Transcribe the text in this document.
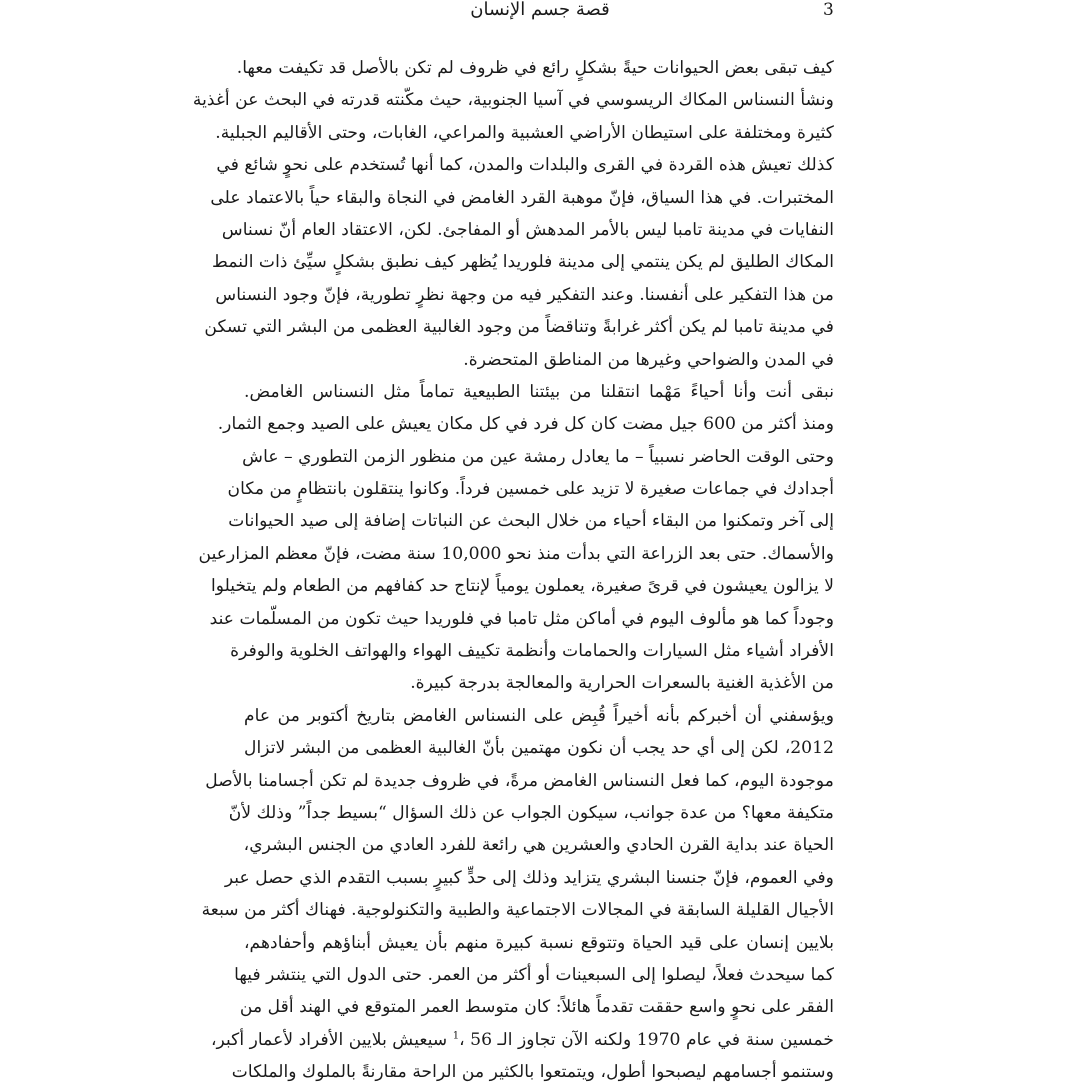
3
قصة جسم الإنسان
كيف تبقى بعض الحيوانات حيةً بشكلٍ رائع في ظروف لم تكن بالأصل قد تكيفت معها.
ونشأ النسناس المكاك الريسوسي في آسيا الجنوبية، حيث مكّنته قدرته في البحث عن أغذية
كثيرة ومختلفة على استيطان الأراضي العشبية والمراعي، الغابات، وحتى الأقاليم الجبلية.
كذلك تعيش هذه القردة في القرى والبلدات والمدن، كما أنها تُستخدم على نحوٍ شائع في
المختبرات. في هذا السياق، فإنّ موهبة القرد الغامض في النجاة والبقاء حياً بالاعتماد على
النفايات في مدينة تامبا ليس بالأمر المدهش أو المفاجئ. لكن، الاعتقاد العام أنّ نسناس
المكاك الطليق لم يكن ينتمي إلى مدينة فلوريدا يُظهر كيف نطبق بشكلٍ سيِّئ ذات النمط
من هذا التفكير على أنفسنا. وعند التفكير فيه من وجهة نظرٍ تطورية، فإنّ وجود النسناس
في مدينة تامبا لم يكن أكثر غرابةً وتناقضاً من وجود الغالبية العظمى من البشر التي تسكن
في المدن والضواحي وغيرها من المناطق المتحضرة.
نبقى أنت وأنا أحياءً مَهْما انتقلنا من بيئتنا الطبيعية تماماً مثل النسناس الغامض.
ومنذ أكثر من 600 جيل مضت كان كل فرد في كل مكان يعيش على الصيد وجمع الثمار.
وحتى الوقت الحاضر نسبياً – ما يعادل رمشة عين من منظور الزمن التطوري – عاش
أجدادك في جماعات صغيرة لا تزيد على خمسين فرداً. وكانوا ينتقلون بانتظامٍ من مكان
إلى آخر وتمكنوا من البقاء أحياء من خلال البحث عن النباتات إضافة إلى صيد الحيوانات
والأسماك. حتى بعد الزراعة التي بدأت منذ نحو 10,000 سنة مضت، فإنّ معظم المزارعين
لا يزالون يعيشون في قرىً صغيرة، يعملون يومياً لإنتاج حد كفافهم من الطعام ولم يتخيلوا
وجوداً كما هو مألوف اليوم في أماكن مثل تامبا في فلوريدا حيث تكون من المسلّمات عند
الأفراد أشياء مثل السيارات والحمامات وأنظمة تكييف الهواء والهواتف الخلوية والوفرة
من الأغذية الغنية بالسعرات الحرارية والمعالجة بدرجة كبيرة.
ويؤسفني أن أخبركم بأنه أخيراً قُبِض على النسناس الغامض بتاريخ أكتوبر من عام
2012، لكن إلى أي حد يجب أن نكون مهتمين بأنّ الغالبية العظمى من البشر لاتزال
موجودة اليوم، كما فعل النسناس الغامض مرةً، في ظروف جديدة لم تكن أجسامنا بالأصل
متكيفة معها؟ من عدة جوانب، سيكون الجواب عن ذلك السؤال “بسيط جداً” وذلك لأنّ
الحياة عند بداية القرن الحادي والعشرين هي رائعة للفرد العادي من الجنس البشري،
وفي العموم، فإنّ جنسنا البشري يتزايد وذلك إلى حدٍّ كبيرٍ بسبب التقدم الذي حصل عبر
الأجيال القليلة السابقة في المجالات الاجتماعية والطبية والتكنولوجية. فهناك أكثر من سبعة
بلايين إنسان على قيد الحياة وتتوقع نسبة كبيرة منهم بأن يعيش أبناؤهم وأحفادهم،
كما سيحدث فعلاً، ليصلوا إلى السبعينات أو أكثر من العمر. حتى الدول التي ينتشر فيها
الفقر على نحوٍ واسع حققت تقدماً هائلاً: كان متوسط العمر المتوقع في الهند أقل من
خمسين سنة في عام 1970 ولكنه الآن تجاوز الـ 56 ،$^1$ سيعيش بلايين الأفراد لأعمار أكبر،
وستنمو أجسامهم ليصبحوا أطول، ويتمتعوا بالكثير من الراحة مقارنةً بالملوك والملكات
